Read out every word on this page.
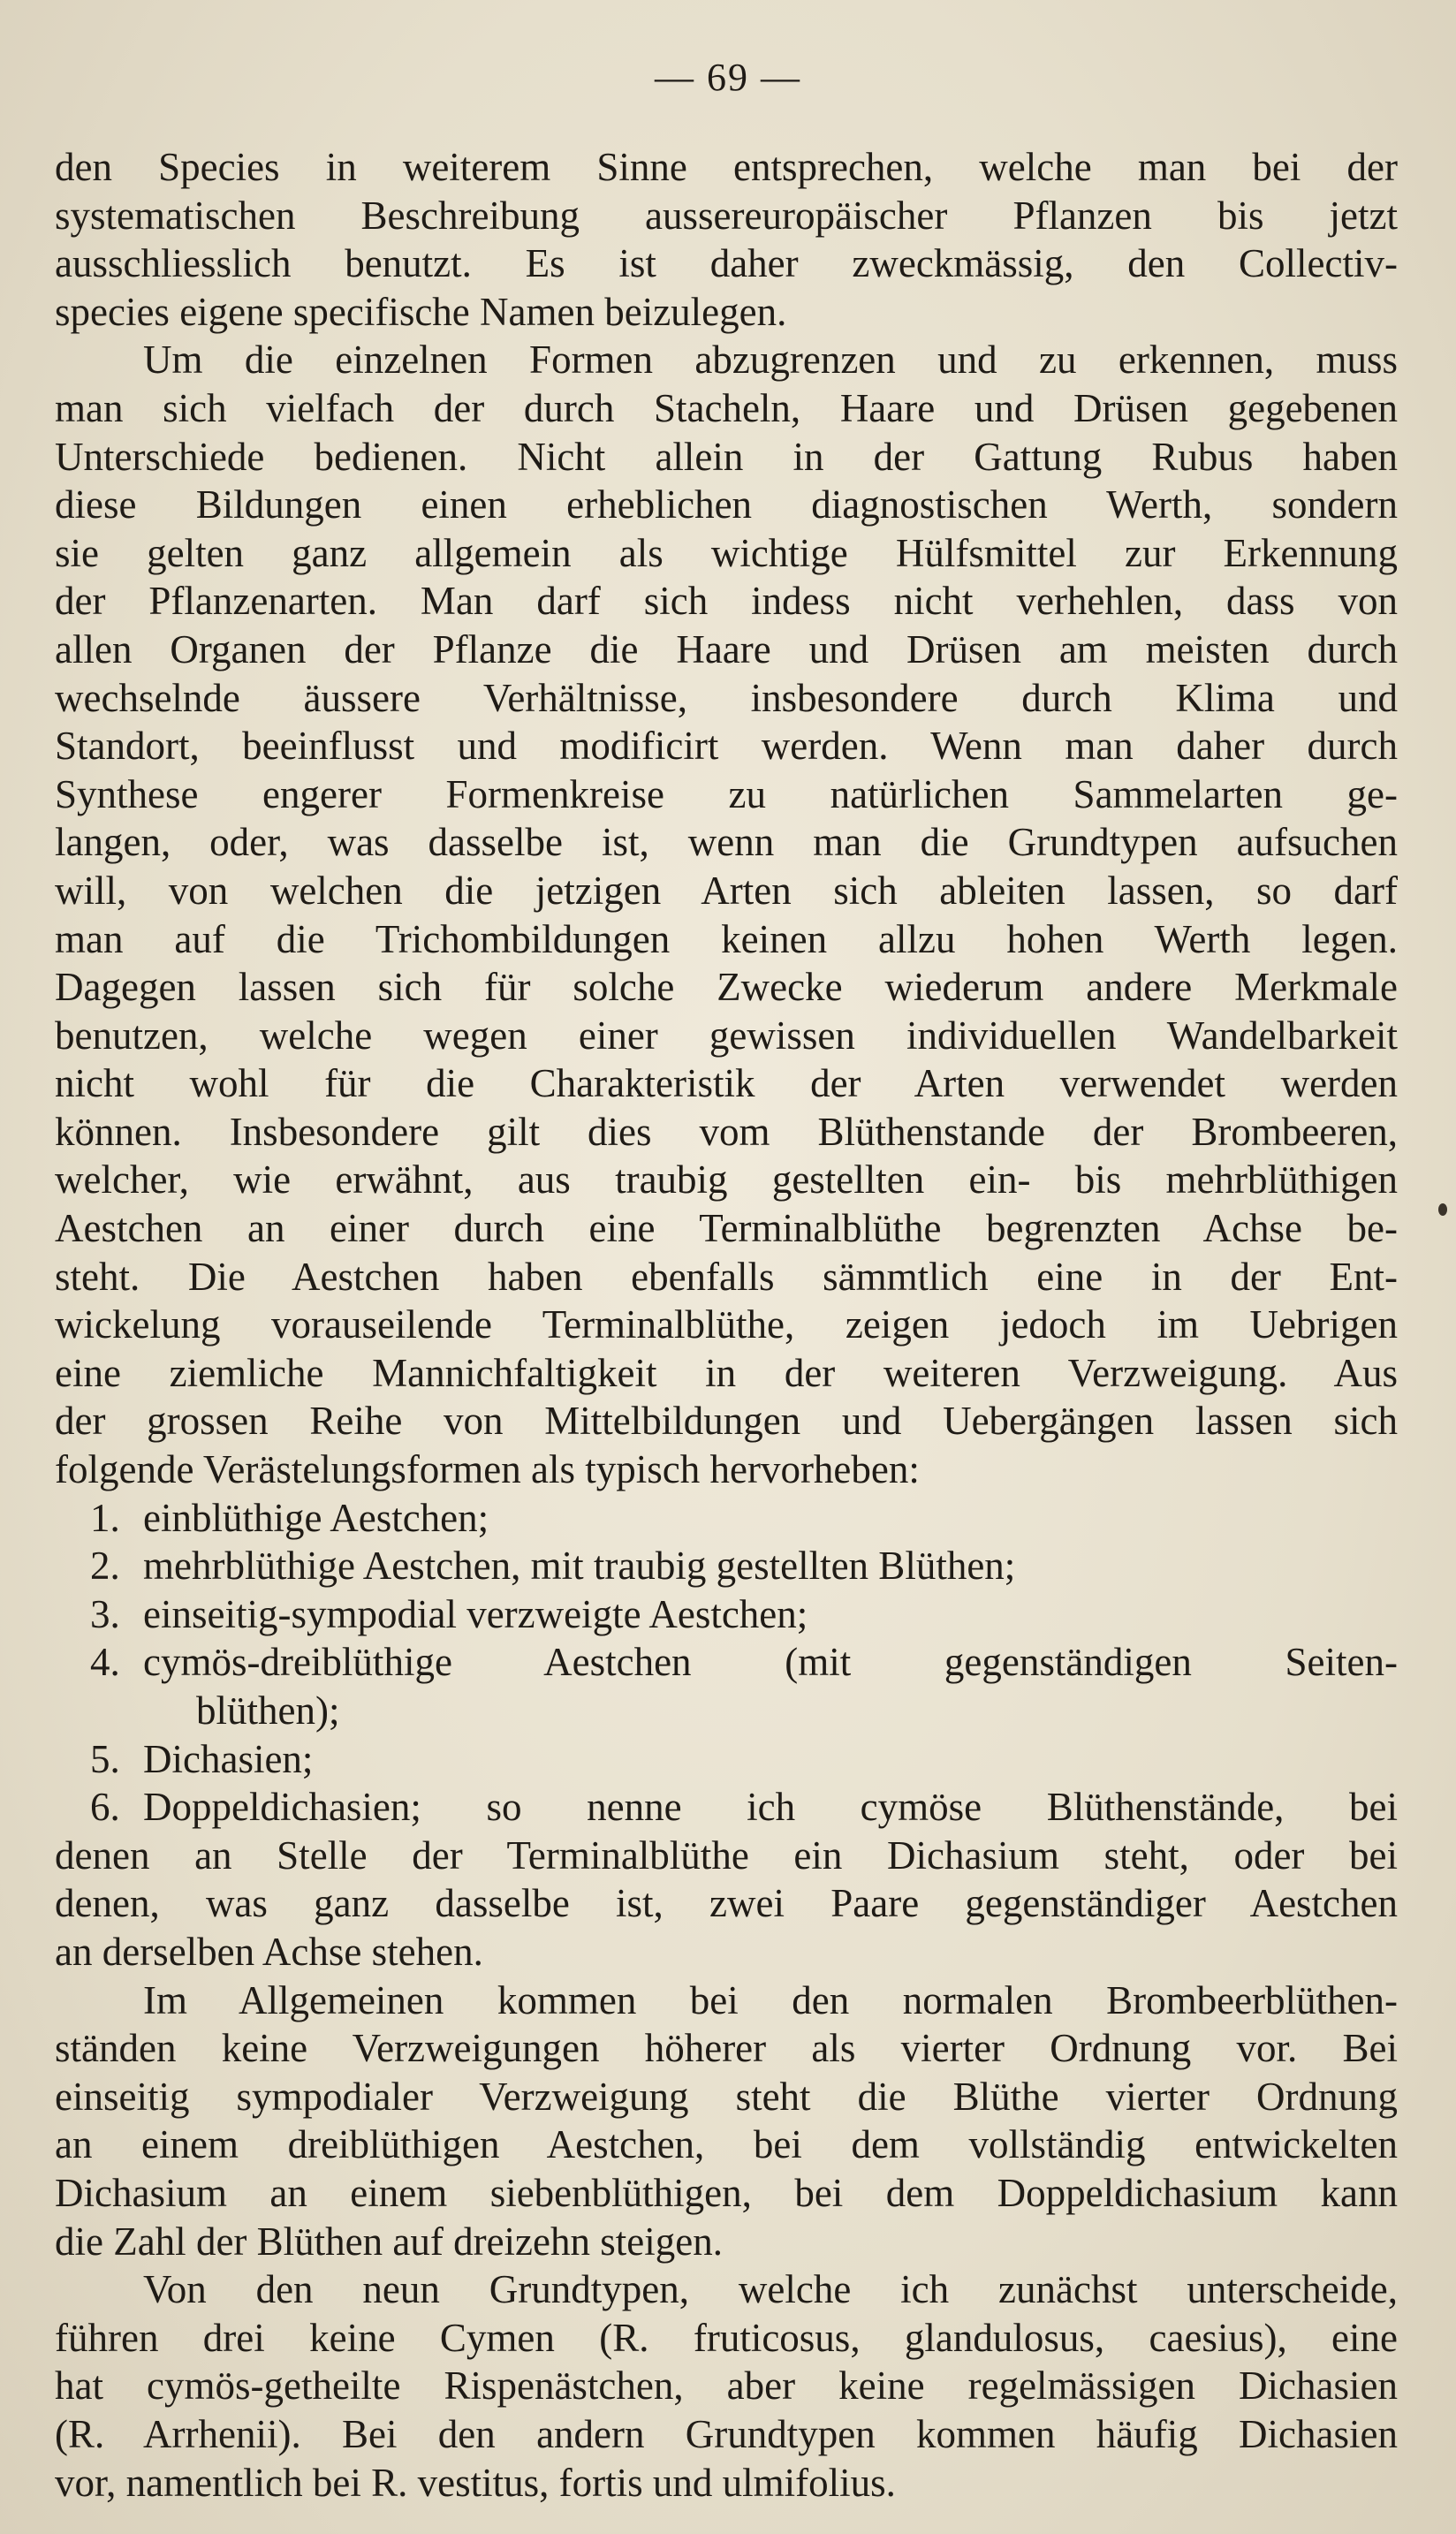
— 69 —

den Species in weiterem Sinne entsprechen, welche man bei der

systematischen Beschreibung aussereuropäischer Pflanzen bis jetzt

ausschliesslich benutzt. Es ist daher zweckmässig, den Collectiv-

species eigene specifische Namen beizulegen.

Um die einzelnen Formen abzugrenzen und zu erkennen, muss

man sich vielfach der durch Stacheln, Haare und Drüsen gegebenen

Unterschiede bedienen. Nicht allein in der Gattung Rubus haben

diese Bildungen einen erheblichen diagnostischen Werth, sondern

sie gelten ganz allgemein als wichtige Hülfsmittel zur Erkennung

der Pflanzenarten. Man darf sich indess nicht verhehlen, dass von

allen Organen der Pflanze die Haare und Drüsen am meisten durch

wechselnde äussere Verhältnisse, insbesondere durch Klima und

Standort, beeinflusst und modificirt werden. Wenn man daher durch

Synthese engerer Formenkreise zu natürlichen Sammelarten ge-

langen, oder, was dasselbe ist, wenn man die Grundtypen aufsuchen

will, von welchen die jetzigen Arten sich ableiten lassen, so darf

man auf die Trichombildungen keinen allzu hohen Werth legen.

Dagegen lassen sich für solche Zwecke wiederum andere Merkmale

benutzen, welche wegen einer gewissen individuellen Wandelbarkeit

nicht wohl für die Charakteristik der Arten verwendet werden

können. Insbesondere gilt dies vom Blüthenstande der Brombeeren,

welcher, wie erwähnt, aus traubig gestellten ein- bis mehrblüthigen

Aestchen an einer durch eine Terminalblüthe begrenzten Achse be-

steht. Die Aestchen haben ebenfalls sämmtlich eine in der Ent-

wickelung vorauseilende Terminalblüthe, zeigen jedoch im Uebrigen

eine ziemliche Mannichfaltigkeit in der weiteren Verzweigung. Aus

der grossen Reihe von Mittelbildungen und Uebergängen lassen sich

folgende Verästelungsformen als typisch hervorheben:

1. einblüthige Aestchen;

2. mehrblüthige Aestchen, mit traubig gestellten Blüthen;

3. einseitig-sympodial verzweigte Aestchen;

4. cymös-dreiblüthige Aestchen (mit gegenständigen Seiten-

blüthen);

5. Dichasien;

6. Doppeldichasien; so nenne ich cymöse Blüthenstände, bei

denen an Stelle der Terminalblüthe ein Dichasium steht, oder bei

denen, was ganz dasselbe ist, zwei Paare gegenständiger Aestchen

an derselben Achse stehen.

Im Allgemeinen kommen bei den normalen Brombeerblüthen-

ständen keine Verzweigungen höherer als vierter Ordnung vor. Bei

einseitig sympodialer Verzweigung steht die Blüthe vierter Ordnung

an einem dreiblüthigen Aestchen, bei dem vollständig entwickelten

Dichasium an einem siebenblüthigen, bei dem Doppeldichasium kann

die Zahl der Blüthen auf dreizehn steigen.

Von den neun Grundtypen, welche ich zunächst unterscheide,

führen drei keine Cymen (R. fruticosus, glandulosus, caesius), eine

hat cymös-getheilte Rispenästchen, aber keine regelmässigen Dichasien

(R. Arrhenii). Bei den andern Grundtypen kommen häufig Dichasien

vor, namentlich bei R. vestitus, fortis und ulmifolius.
